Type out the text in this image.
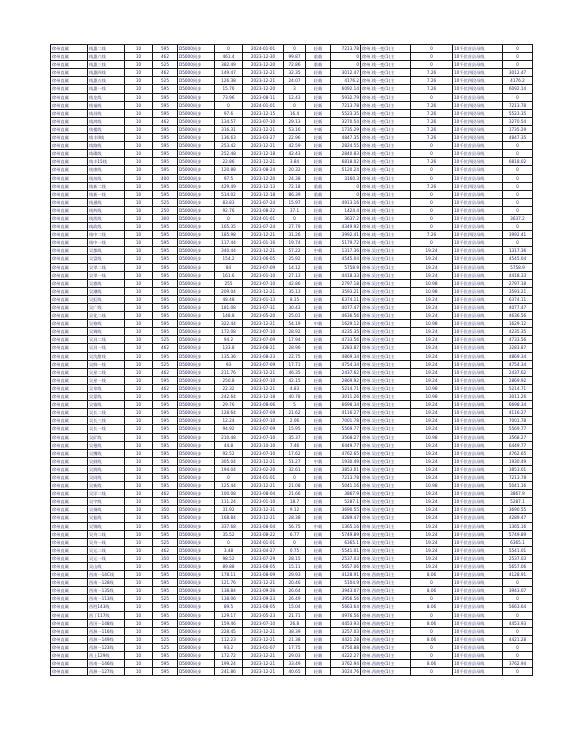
徐州直属	线惠二线	10	595	D5000同步	0	2024-01-01	0	轻载	7213.78	徐州.线一变(1)主	0	10千伏首县母线	0
徐州直属	线惠六线	10	462	D5000同步	461.4	2023-12-30	99.87	重载	0	徐州.线一变(1)主	0	10千伏首县母线	0
徐州直属	线惠三线	10	525	D5000同步	382.49	2023-12-20	72.86	重载	0	徐州.线一变(1)主	0	10千伏首县母线	0
徐州直属	线惠四线	10	462	D5000同步	149.47	2023-12-21	32.35	轻载	3012.47	徐州.线一变(1)主	7.26	10千伏四段母线	3012.47
徐州直属	线惠五线	10	525	D5000同步	126.38	2023-12-21	24.07	轻载	4176.2	徐州.线一变(1)主	7.26	10千伏四段母线	4176.2
徐州直属	线惠一线	10	595	D5000同步	15.76	2023-12-20	3	轻载	6092.14	徐州.线一变(1)主	7.26	10千伏四段母线	6092.14
徐州直属	线龙线	10	595	D5000同步	73.96	2023-08-11	12.43	轻载	5932.79	徐州.线一变(1)主	0	10千伏首县母线	0
徐州直属	线福线	10	595	D5000同步	0	2024-01-01	0	轻载	7213.78	徐州.线一变(1)主	7.26	10千伏四段母线	7213.78
徐州直属	线昌线	10	595	D5000同步	97.6	2023-12-15	16.4	轻载	5523.35	徐州.线一变(1)主	7.26	10千伏四段母线	5523.35
徐州直属	线鸿线	10	462	D5000同步	134.57	2023-07-10	29.13	轻载	3270.54	徐州.线一变(1)主	7.26	10千伏四段母线	3270.54
徐州直属	线楼线	10	595	D5000同步	316.31	2023-12-21	53.16	中载	1735.29	徐州.线一变(1)主	7.26	10千伏四段母线	1735.29
徐州直属	线丰II线	10	595	D5000同步	136.63	2023-03-27	22.96	轻载	4847.35	徐州.线一变(1)主	7.26	10千伏四段母线	4847.35
徐州直属	线路线	10	595	D5000同步	253.42	2023-12-21	42.59	轻载	2824.55	徐州.线一变(1)主	0	10千伏首县母线	0
徐州直属	线碟线	10	595	D5000同步	252.48	2023-12-18	42.43	轻载	2840.83	徐州.线一变(1)主	0	10千伏首县母线	0
徐州直属	线丰15线	10	595	D5000同步	22.86	2023-12-21	3.84	轻载	6818.02	徐州.线一变(1)主	7.26	10千伏四段母线	6818.02
徐州直属	线康线	10	595	D5000同步	120.88	2023-08-24	20.32	轻载	5120.24	徐州.线一变(1)主	0	10千伏首县母线	0
徐州直属	线丝线	10	400	D5000同步	97.5	2023-12-20	24.38	轻载	3160.3	徐州.线一变(1)主	0	10千伏首县母线	0
徐州直属	线新二线	10	595	D5000同步	429.49	2023-12-13	72.18	重载	0	徐州.线一变(1)主	7.26	10千伏四段母线	0
徐州直属	线新一线	10	595	D5000同步	514.02	2023-12-18	86.39	重载	0	徐州.线一变(1)主	0	10千伏首县母线	0
徐州直属	线通线	10	525	D5000同步	83.83	2023-07-24	15.97	轻载	4913.16	徐州.线一变(1)主	0	10千伏首县母线	0
徐州直属	线药线	10	250	D5000同步	92.76	2023-08-22	37.1	轻载	1424.4	徐州.线一变(1)主	0	10千伏首县母线	0
徐州直属	线凯线	10	300	D5000同步	0	2024-01-01	0	轻载	3637.2	徐州.线一变(1)主	0	10千伏首县母线	3637.2
徐州直属	线政线	10	595	D5000同步	165.35	2023-07-24	27.79	轻载	4349.92	徐州.线一变(1)主	0	10千伏首县母线	0
徐州直属	线中二线	10	595	D5000同步	185.98	2023-12-21	31.26	轻载	3992.41	徐州.线一变(1)主	7.26	10千伏四段母线	3992.41
徐州直属	线中一线	10	595	D5000同步	117.44	2023-01-16	19.74	轻载	5179.72	徐州.线一变(1)主	0	10千伏首县母线	0
徐州直属	吴都线	10	595	D5000同步	340.44	2023-12-21	57.22	中载	1317.36	徐州.吴庄变(1)主	19.24	10千伏首县母线	1317.36
徐州直属	吴富线	10	595	D5000同步	154.2	2023-06-05	25.92	轻载	4545.04	徐州.吴庄变(1)主	19.24	10千伏首县母线	4545.04
徐州直属	吴翠二线	10	595	D5000同步	84	2023-07-09	14.12	轻载	5758.9	徐州.吴庄变(1)主	19.24	10千伏首县母线	5758.9
徐州直属	吴翠一线	10	595	D5000同步	161.6	2023-01-10	27.13	轻载	4418.33	徐州.吴庄变(1)主	19.24	10千伏首县母线	4418.33
徐州直属	吴旗线	10	595	D5000同步	255	2023-07-10	42.86	轻载	2797.18	徐州.吴庄变(1)主	10.98	10千伏首县母线	2797.18
徐州直属	吴潮线	10	595	D5000同步	209.04	2023-12-21	35.13	轻载	3593.21	徐州.吴庄变(1)主	10.98	10千伏首县母线	3593.21
徐州直属	吴虹线	10	595	D5000同步	48.48	2023-01-13	8.15	轻载	6374.11	徐州.吴庄变(1)主	19.24	10千伏首县母线	6374.11
徐州直属	吴广线	10	595	D5000同步	181.08	2023-07-31	30.43	轻载	4077.47	徐州.吴庄变(1)主	19.24	10千伏首县母线	4077.47
徐州直属	吴化二线	10	595	D5000同步	148.8	2023-05-20	25.01	轻载	4636.56	徐州.吴庄变(1)主	19.24	10千伏首县母线	4636.56
徐州直属	吴格线	10	595	D5000同步	322.44	2023-12-21	54.19	中载	1629.12	徐州.吴庄变(1)主	10.98	10千伏首县母线	1629.12
徐州直属	吴调线	10	595	D5000同步	172.08	2023-07-10	28.92	轻载	4235.35	徐州.吴庄变(1)主	19.24	10千伏首县母线	4235.35
徐州直属	吴昌二线	10	525	D5000同步	94.2	2023-07-09	17.94	轻载	4733.56	徐州.吴庄变(1)主	19.24	10千伏首县母线	4733.56
徐州直属	吴昌一线	10	462	D5000同步	133.8	2023-08-21	28.96	轻载	3283.87	徐州.吴庄变(1)主	19.24	10千伏首县母线	3283.87
徐州直属	吴沈甜线	10	595	D5000同步	135.36	2023-08-23	22.75	轻载	4869.34	徐州.吴庄变(1)主	19.24	10千伏首县母线	4869.34
徐州直属	吴鲜一线	10	525	D5000同步	93	2023-07-09	17.71	轻载	4754.34	徐州.吴庄变(1)主	19.24	10千伏首县母线	4754.34
徐州直属	吴星二线	10	462	D5000同步	211.76	2023-12-21	46.35	轻载	2437.62	徐州.吴庄变(1)主	19.24	10千伏首县母线	2437.62
徐州直属	吴星一线	10	595	D5000同步	250.8	2023-07-10	42.15	轻载	2869.92	徐州.吴庄变(1)主	19.24	10千伏首县母线	2869.92
徐州直属	吴泉线	10	462	D5000同步	22.32	2023-12-21	4.83	轻载	5214.71	徐州.吴庄变(1)主	10.98	10千伏首县母线	5214.71
徐州直属	吴蒙线	10	595	D5000同步	242.64	2023-12-18	40.78	轻载	3011.26	徐州.吴庄变(1)主	10.98	10千伏首县母线	3011.26
徐州直属	吴锥线	10	595	D5000同步	29.76	2023-08-06	5	轻载	6698.34	徐州.吴庄变(1)主	19.24	10千伏首县母线	6698.34
徐州直属	吴长二线	10	595	D5000同步	128.64	2023-07-09	21.62	轻载	4116.27	徐州.吴庄变(1)主	19.24	10千伏首县母线	4116.27
徐州直属	吴长三线	10	595	D5000同步	12.24	2023-07-10	2.06	轻载	7001.78	徐州.吴庄变(1)主	19.24	10千伏首县母线	7001.78
徐州直属	吴长一线	10	595	D5000同步	94.92	2023-07-09	15.95	轻载	5569.77	徐州.吴庄变(1)主	19.24	10千伏首县母线	5569.77
徐州直属	吴矿线	10	595	D5000同步	210.48	2023-07-10	35.37	轻载	3568.27	徐州.吴庄变(1)主	10.98	10千伏首县母线	3568.27
徐州直属	吴曼线	10	595	D5000同步	44.8	2023-10-10	7.46	轻载	6449.77	徐州.吴庄变(1)主	19.24	10千伏首县母线	6449.77
徐州直属	吴鹰线	10	595	D5000同步	92.52	2023-07-10	17.62	轻载	4762.65	徐州.吴庄变(1)主	19.24	10千伏首县母线	4762.65
徐州直属	吴鼓线	10	595	D5000同步	305.04	2023-12-21	51.27	中载	1930.49	徐州.吴庄变(1)主	19.24	10千伏首县母线	1930.49
徐州直属	吴润线	10	595	D5000同步	194.04	2023-02-20	32.61	轻载	3853.01	徐州.吴庄变(1)主	19.24	10千伏首县母线	3853.01
徐州直属	吴同线	10	595	D5000同步	0	2024-01-01	0	轻载	7213.78	徐州.吴庄变(1)主	19.24	10千伏首县母线	7213.78
徐州直属	吴新线	10	595	D5000同步	125.44	2023-12-21	21.08	轻载	5041.16	徐州.吴庄变(1)主	10.98	10千伏首县母线	5041.16
徐州直属	吴洋二线	10	462	D5000同步	100.08	2023-08-04	21.66	轻载	3867.9	徐州.吴庄变(1)主	19.24	10千伏首县母线	3867.9
徐州直属	吴宇线	10	595	D5000同步	111.24	2023-01-10	18.7	轻载	5287.1	徐州.吴庄变(1)主	19.24	10千伏首县母线	5287.1
徐州直属	吴扬线	10	350	D5000同步	31.92	2023-12-31	9.12	轻载	3690.55	徐州.吴庄变(1)主	19.24	10千伏首县母线	3690.55
徐州直属	吴振线	10	595	D5000同步	168.84	2023-12-21	28.38	轻载	4289.47	徐州.吴庄变(1)主	19.24	10千伏首县母线	4289.47
徐州直属	吴锦线	10	595	D5000同步	337.68	2023-08-04	56.75	中载	1365.16	徐州.吴庄变(1)主	19.24	10千伏首县母线	1365.16
徐州直属	吴舟二线	10	595	D5000同步	35.52	2023-08-22	6.77	轻载	5749.89	徐州.吴庄变(1)主	19.24	10千伏首县母线	5749.89
徐州直属	吴舟一线	10	525	D5000同步	0	2024-01-01	0	轻载	6365.1	徐州.吴庄变(1)主	19.24	10千伏首县母线	6365.1
徐州直属	吴运二线	10	462	D5000同步	3.48	2023-04-27	0.75	轻载	5541.01	徐州.吴庄变(1)主	19.24	10千伏首县母线	5541.01
徐州直属	吴运一线	10	350	D5000同步	98.52	2023-07-29	28.15	轻载	2537.03	徐州.吴庄变(1)主	19.24	10千伏首县母线	2537.03
徐州直属	吴山线	10	595	D5000同步	89.88	2023-08-05	15.11	轻载	5657.06	徐州.吴庄变(1)主	19.24	10千伏首县母线	5657.06
徐州直属	西南一14C线	10	595	D5000同步	178.11	2023-08-09	29.93	轻载	4128.91	徐州.西南变(1)主	8.06	10千伏首县母线	4128.91
徐州直属	西南一128线	10	595	D5000同步	121.76	2023-12-21	20.46	轻载	5104.9	徐州.西南变(1)主	0	10千伏首县母线	0
徐州直属	西南一135线	10	595	D5000同步	138.84	2023-09-26	26.64	轻载	3943.07	徐州.西南变(1)主	8.06	10千伏首县母线	3943.07
徐州直属	西南一113线	10	525	D5000同步	138.06	2023-09-23	26.49	轻载	3956.56	徐州.西南变(1)主	0	10千伏首县母线	0
徐州直属	西胜143线	10	595	D5000同步	89.5	2023-08-05	15.04	轻载	5663.64	徐州.西南变(1)主	8.06	10千伏首县母线	5663.64
徐州直属	西丁117线	10	595	D5000同步	129.17	2023-05-23	21.71	轻载	4976.56	徐州.西南变(1)主	0	10千伏首县母线	0
徐州直属	西田一148线	10	595	D5000同步	159.46	2023-07-10	26.8	轻载	4453.93	徐州.西南变(1)主	8.06	10千伏首县母线	4453.93
徐州直属	西源一116线	10	595	D5000同步	228.45	2023-12-21	38.39	轻载	3257.03	徐州.西南变(1)主	0	10千伏首县母线	0
徐州直属	西源一149线	10	525	D5000同步	112.23	2023-12-21	21.38	轻载	4421.28	徐州.西南变(1)主	8.06	10千伏首县母线	4421.28
徐州直属	西源一123线	10	525	D5000同步	93.2	2023-01-07	17.75	轻载	4750.88	徐州.西南变(1)主	0	10千伏首县母线	0
徐州直属	西上129线	10	595	D5000同步	172.72	2023-12-21	29.03	轻载	4222.27	徐州.西南变(1)主	0	10千伏首县母线	0
徐州直属	西南一146线	10	595	D5000同步	199.24	2023-12-21	33.49	轻载	3762.94	徐州.西南变(1)主	8.06	10千伏首县母线	3762.94
徐州直属	西源一127线	10	595	D5000同步	241.86	2023-12-21	40.65	轻载	3024.76	徐州.西南变(1)主	0	10千伏首县母线	0
